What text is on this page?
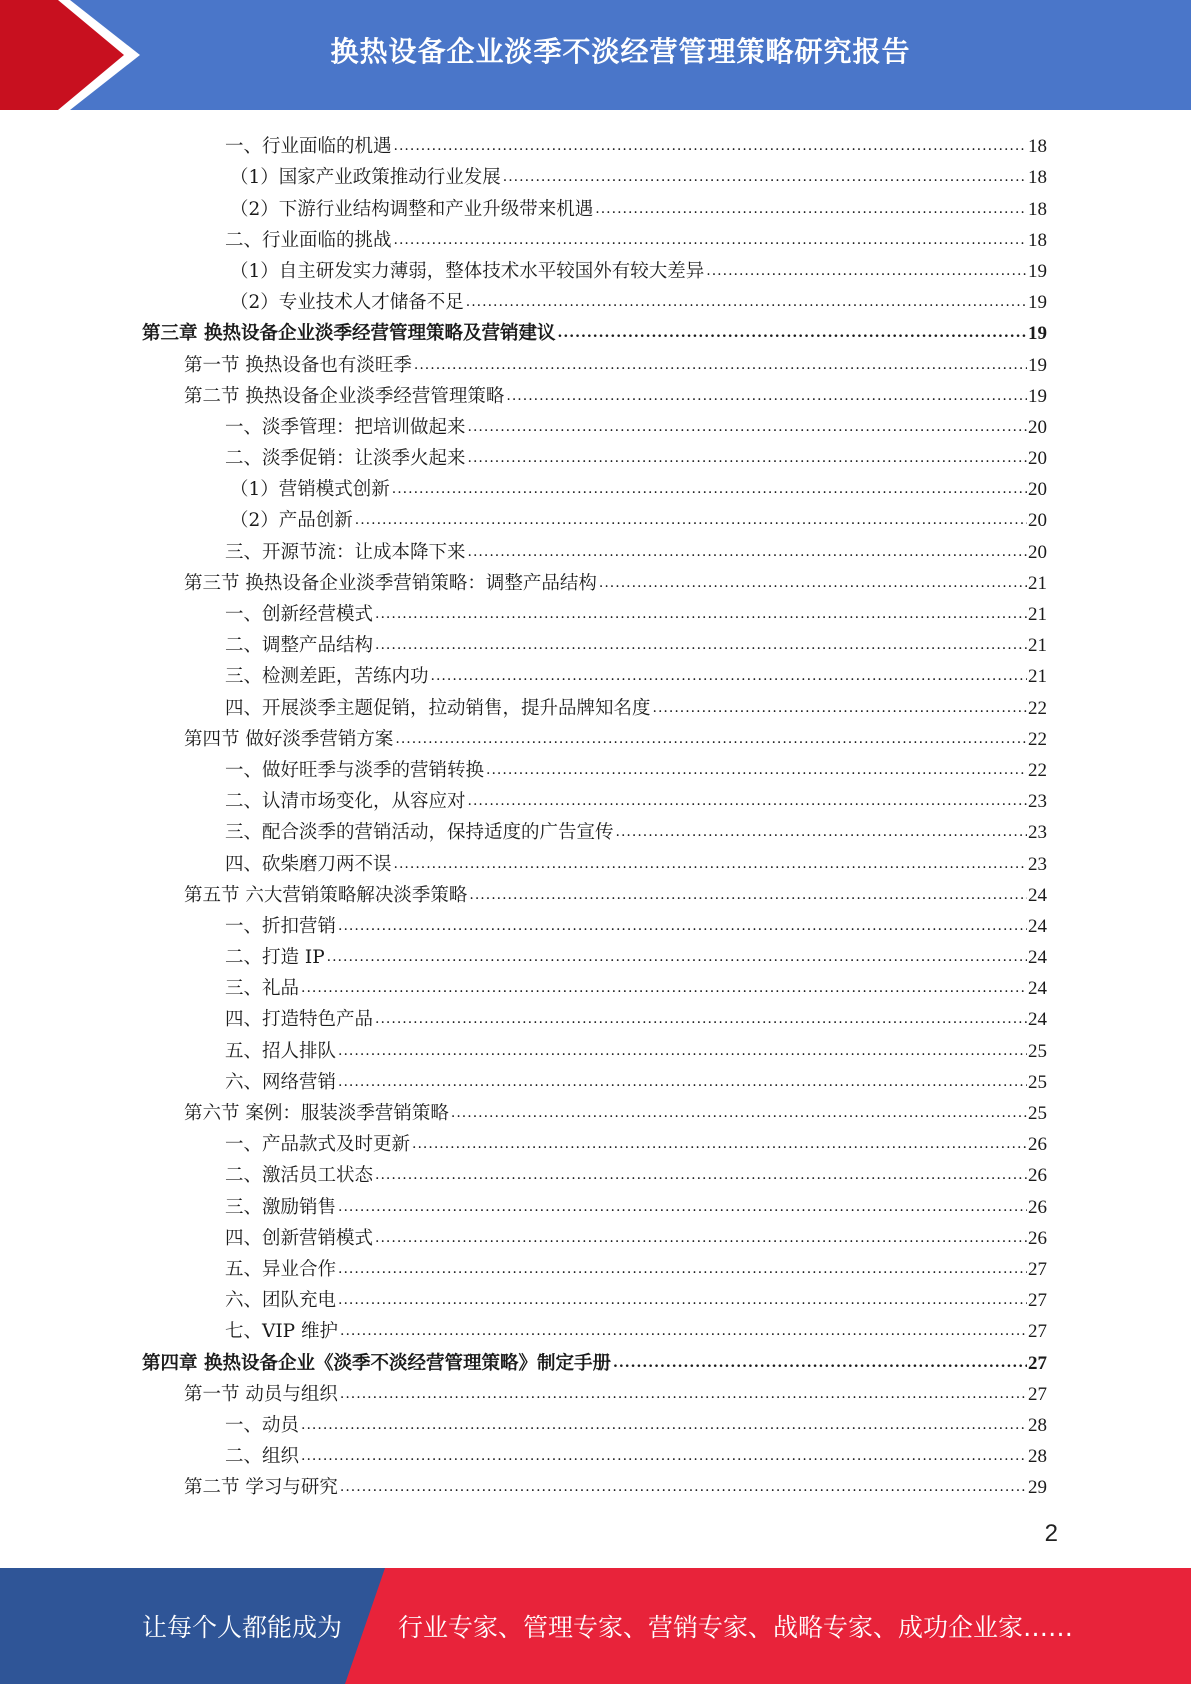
换热设备企业淡季不淡经营管理策略研究报告
一、行业面临的机遇 .....	18
（1）国家产业政策推动行业发展 .....	18
（2）下游行业结构调整和产业升级带来机遇 .....	18
二、行业面临的挑战 .....	18
（1）自主研发实力薄弱，整体技术水平较国外有较大差异 .....	19
（2）专业技术人才储备不足 .....	19
第三章 换热设备企业淡季经营管理策略及营销建议 .....	19
第一节 换热设备也有淡旺季 .....	19
第二节 换热设备企业淡季经营管理策略 .....	19
一、淡季管理：把培训做起来 .....	20
二、淡季促销：让淡季火起来 .....	20
（1）营销模式创新 .....	20
（2）产品创新 .....	20
三、开源节流：让成本降下来 .....	20
第三节 换热设备企业淡季营销策略：调整产品结构 .....	21
一、创新经营模式 .....	21
二、调整产品结构 .....	21
三、检测差距，苦练内功 .....	21
四、开展淡季主题促销，拉动销售，提升品牌知名度 .....	22
第四节 做好淡季营销方案 .....	22
一、做好旺季与淡季的营销转换 .....	22
二、认清市场变化，从容应对 .....	23
三、配合淡季的营销活动，保持适度的广告宣传 .....	23
四、砍柴磨刀两不误 .....	23
第五节 六大营销策略解决淡季策略 .....	24
一、折扣营销 .....	24
二、打造 IP .....	24
三、礼品 .....	24
四、打造特色产品 .....	24
五、招人排队 .....	25
六、网络营销 .....	25
第六节 案例：服装淡季营销策略 .....	25
一、产品款式及时更新 .....	26
二、激活员工状态 .....	26
三、激励销售 .....	26
四、创新营销模式 .....	26
五、异业合作 .....	27
六、团队充电 .....	27
七、VIP 维护 .....	27
第四章 换热设备企业《淡季不淡经营管理策略》制定手册 .....	27
第一节 动员与组织 .....	27
一、动员 .....	28
二、组织 .....	28
第二节 学习与研究 .....	29
2
让每个人都能成为 行业专家、管理专家、营销专家、战略专家、成功企业家……
